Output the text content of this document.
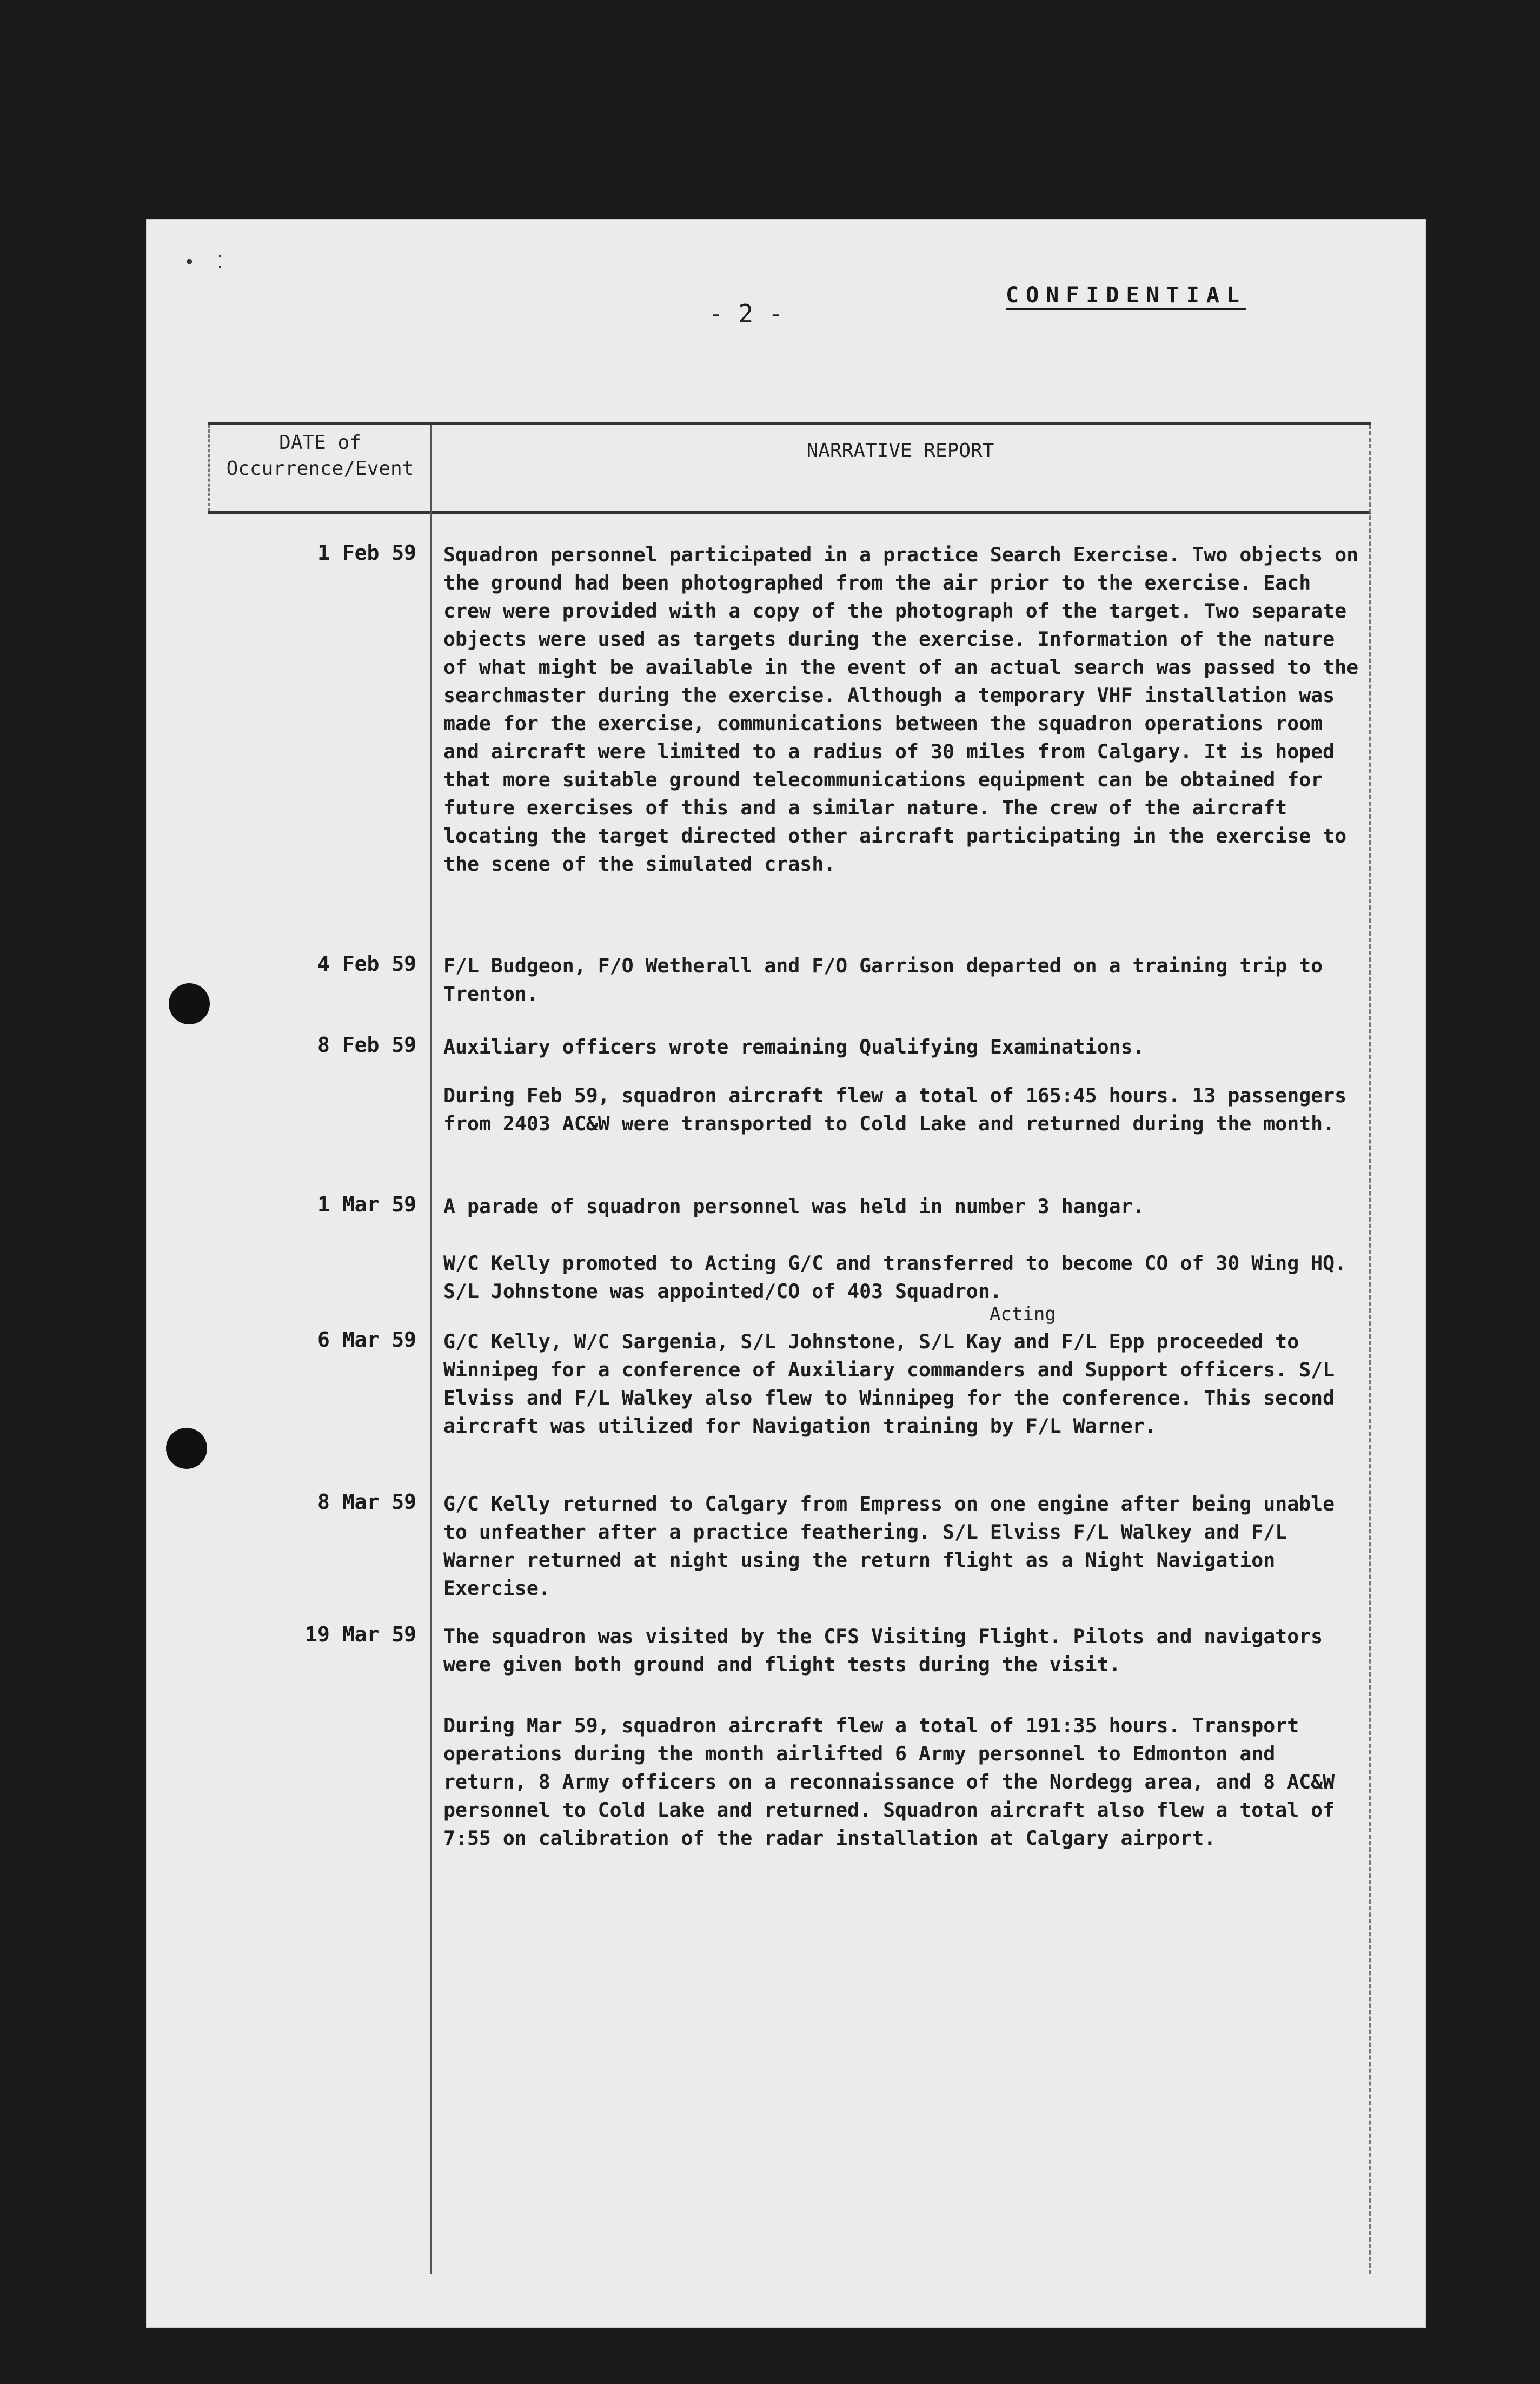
•  ⁚
- 2 -
CONFIDENTIAL
DATE of
Occurrence/Event
NARRATIVE REPORT
1 Feb 59 Squadron personnel participated in a practice Search Exercise. Two objects on the ground had been photographed from the air prior to the exercise. Each crew were provided with a copy of the photograph of the target. Two separate objects were used as targets during the exercise. Information of the nature of what might be available in the event of an actual search was passed to the searchmaster during the exercise. Although a temporary VHF installation was made for the exercise, communications between the squadron operations room and aircraft were limited to a radius of 30 miles from Calgary. It is hoped that more suitable ground telecommunications equipment can be obtained for future exercises of this and a similar nature. The crew of the aircraft locating the target directed other aircraft participating in the exercise to the scene of the simulated crash.
4 Feb 59 F/L Budgeon, F/O Wetherall and F/O Garrison departed on a training trip to Trenton.
8 Feb 59 Auxiliary officers wrote remaining Qualifying Examinations.
During Feb 59, squadron aircraft flew a total of 165:45 hours. 13 passengers from 2403 AC&W were transported to Cold Lake and returned during the month.
1 Mar 59 A parade of squadron personnel was held in number 3 hangar.
W/C Kelly promoted to Acting G/C and transferred to become CO of 30 Wing HQ. S/L Johnstone was appointed/CO of 403 Squadron.
Acting
6 Mar 59 G/C Kelly, W/C Sargenia, S/L Johnstone, S/L Kay and F/L Epp proceeded to Winnipeg for a conference of Auxiliary commanders and Support officers. S/L Elviss and F/L Walkey also flew to Winnipeg for the conference. This second aircraft was utilized for Navigation training by F/L Warner.
8 Mar 59 G/C Kelly returned to Calgary from Empress on one engine after being unable to unfeather after a practice feathering. S/L Elviss F/L Walkey and F/L Warner returned at night using the return flight as a Night Navigation Exercise.
19 Mar 59 The squadron was visited by the CFS Visiting Flight. Pilots and navigators were given both ground and flight tests during the visit.
During Mar 59, squadron aircraft flew a total of 191:35 hours. Transport operations during the month airlifted 6 Army personnel to Edmonton and return, 8 Army officers on a reconnaissance of the Nordegg area, and 8 AC&W personnel to Cold Lake and returned. Squadron aircraft also flew a total of 7:55 on calibration of the radar installation at Calgary airport.
